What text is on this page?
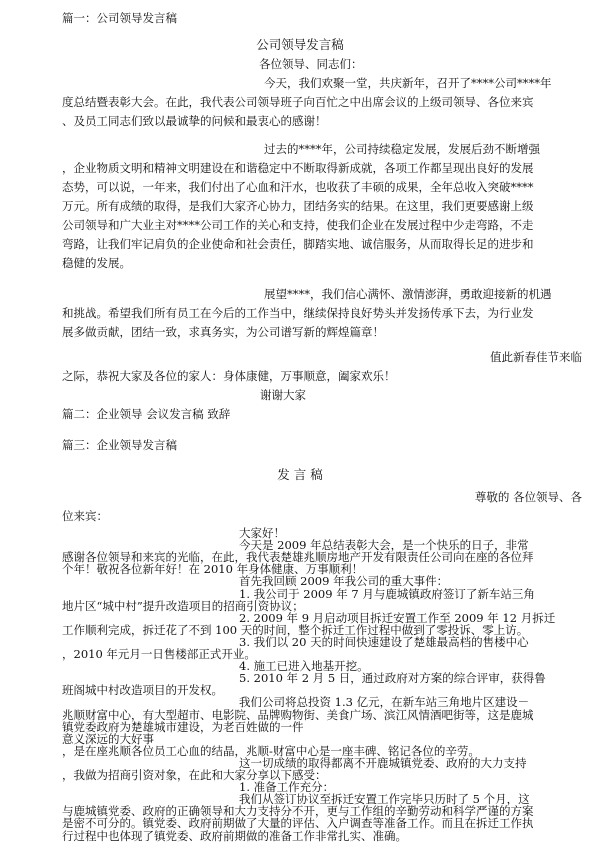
篇一：公司领导发言稿
公司领导发言稿
各位领导、同志们：
今天，我们欢聚一堂，共庆新年，召开了****公司****年
度总结暨表彰大会。在此，我代表公司领导班子向百忙之中出席会议的上级司领导、各位来宾
、及员工同志们致以最诚挚的问候和最衷心的感谢！
过去的****年，公司持续稳定发展，发展后劲不断增强
，企业物质文明和精神文明建设在和谐稳定中不断取得新成就，各项工作都呈现出良好的发展
态势，可以说，一年来，我们付出了心血和汗水，也收获了丰硕的成果，全年总收入突破****
万元。所有成绩的取得，是我们大家齐心协力，团结务实的结果。在这里，我们更要感谢上级
公司领导和广大业主对****公司工作的关心和支持，使我们企业在发展过程中少走弯路，不走
弯路，让我们牢记肩负的企业使命和社会责任，脚踏实地、诚信服务，从而取得长足的进步和
稳健的发展。
展望****，我们信心满怀、激情澎湃，勇敢迎接新的机遇
和挑战。希望我们所有员工在今后的工作当中，继续保持良好势头并发扬传承下去，为行业发
展多做贡献，团结一致，求真务实，为公司谱写新的辉煌篇章！
值此新春佳节来临
之际，恭祝大家及各位的家人：身体康健，万事顺意，阖家欢乐！
谢谢大家
篇二：企业领导 会议发言稿 致辞
篇三：企业领导发言稿
发 言 稿
尊敬的 各位领导、各
位来宾：
大家好！
今天是 2009 年总结表彰大会，是一个快乐的日子，非常
感谢各位领导和来宾的光临，在此，我代表楚雄兆顺房地产开发有限责任公司向在座的各位拜
个年！敬祝各位新年好！在 2010 年身体健康、万事顺利！
首先我回顾 2009 年我公司的重大事件：
1. 我公司于 2009 年 7 月与鹿城镇政府签订了新车站三角
地片区“城中村”提升改造项目的招商引资协议；
2. 2009 年 9 月启动项目拆迁安置工作至 2009 年 12 月拆迁
工作顺利完成，拆迁花了不到 100 天的时间，整个拆迁工作过程中做到了零投诉、零上访。
3. 我们以 20 天的时间快速建设了楚雄最高档的售楼中心
，2010 年元月一日售楼部正式开业。
4. 施工已进入地基开挖。
5. 2010 年 2 月 5 日，通过政府对方案的综合评审，获得鲁
班阁城中村改造项目的开发权。
我们公司将总投资 1.3 亿元，在新车站三角地片区建设－
兆顺财富中心，有大型超市、电影院、品牌购物街、美食广场、滨江风情酒吧街等，这是鹿城
镇党委政府为楚雄城市建设，为老百姓做的一件
意义深远的大好事
，是在座兆顺各位员工心血的结晶，兆顺-财富中心是一座丰碑、铭记各位的辛劳。
这一切成绩的取得都离不开鹿城镇党委、政府的大力支持
，我做为招商引资对象，在此和大家分享以下感受：
1. 准备工作充分：
我们从签订协议至拆迁安置工作完毕只历时了 5 个月，这
与鹿城镇党委、政府的正确领导和大力支持分不开，更与工作组的辛勤劳动和科学严谨的方案
是密不可分的。镇党委、政府前期做了大量的评估、入户调查等准备工作。而且在拆迁工作执
行过程中也体现了镇党委、政府前期做的准备工作非常扎实、准确。
